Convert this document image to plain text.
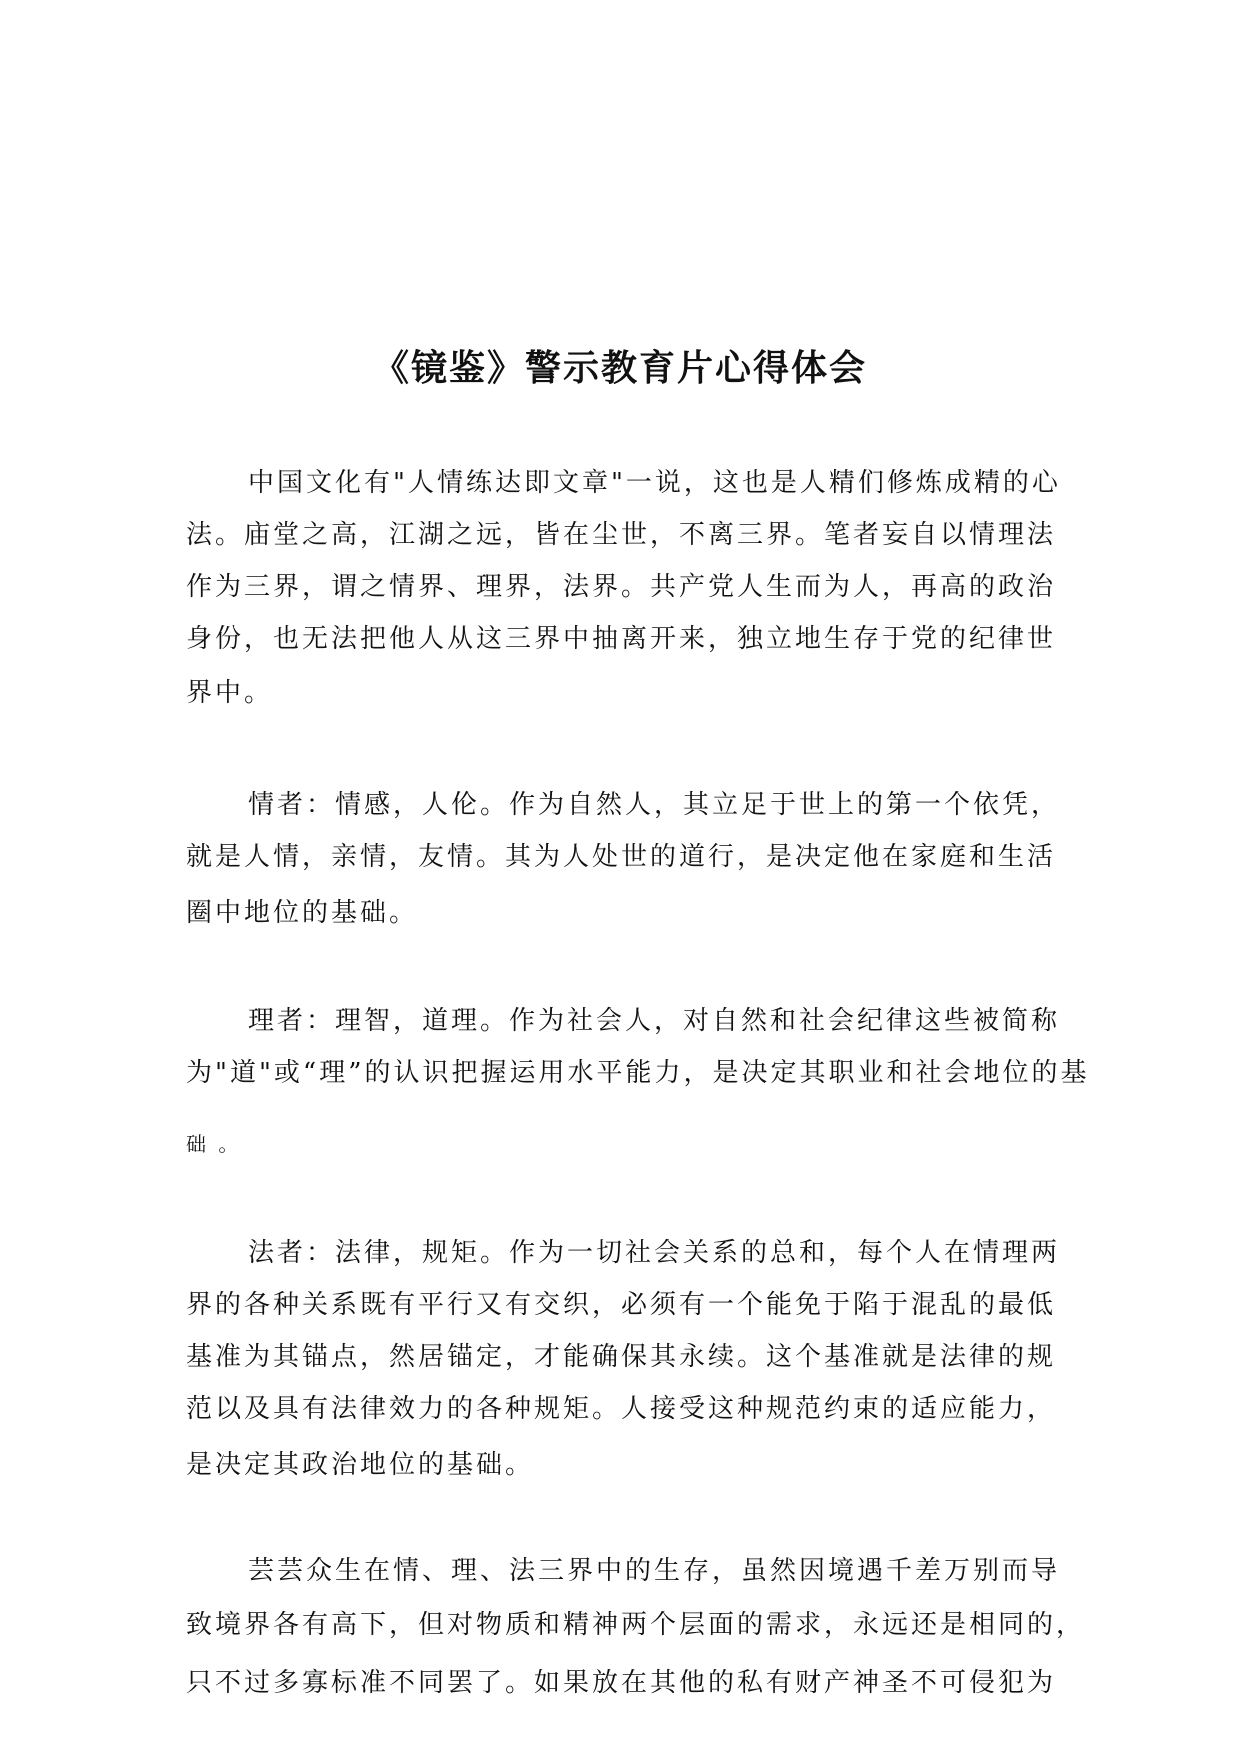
《镜鉴》警示教育片心得体会

中国文化有"人情练达即文章"一说，这也是人精们修炼成精的心

法。庙堂之高，江湖之远，皆在尘世，不离三界。笔者妄自以情理法

作为三界，谓之情界、理界，法界。共产党人生而为人，再高的政治

身份，也无法把他人从这三界中抽离开来，独立地生存于党的纪律世

界中。

情者：情感，人伦。作为自然人，其立足于世上的第一个依凭，

就是人情，亲情，友情。其为人处世的道行，是决定他在家庭和生活

圈中地位的基础。

理者：理智，道理。作为社会人，对自然和社会纪律这些被简称

为"道"或“理”的认识把握运用水平能力，是决定其职业和社会地位的基

础 。

法者：法律，规矩。作为一切社会关系的总和，每个人在情理两

界的各种关系既有平行又有交织，必须有一个能免于陷于混乱的最低

基准为其锚点，然居锚定，才能确保其永续。这个基准就是法律的规

范以及具有法律效力的各种规矩。人接受这种规范约束的适应能力，

是决定其政治地位的基础。

芸芸众生在情、理、法三界中的生存，虽然因境遇千差万别而导

致境界各有高下，但对物质和精神两个层面的需求，永远还是相同的，

只不过多寡标准不同罢了。如果放在其他的私有财产神圣不可侵犯为
